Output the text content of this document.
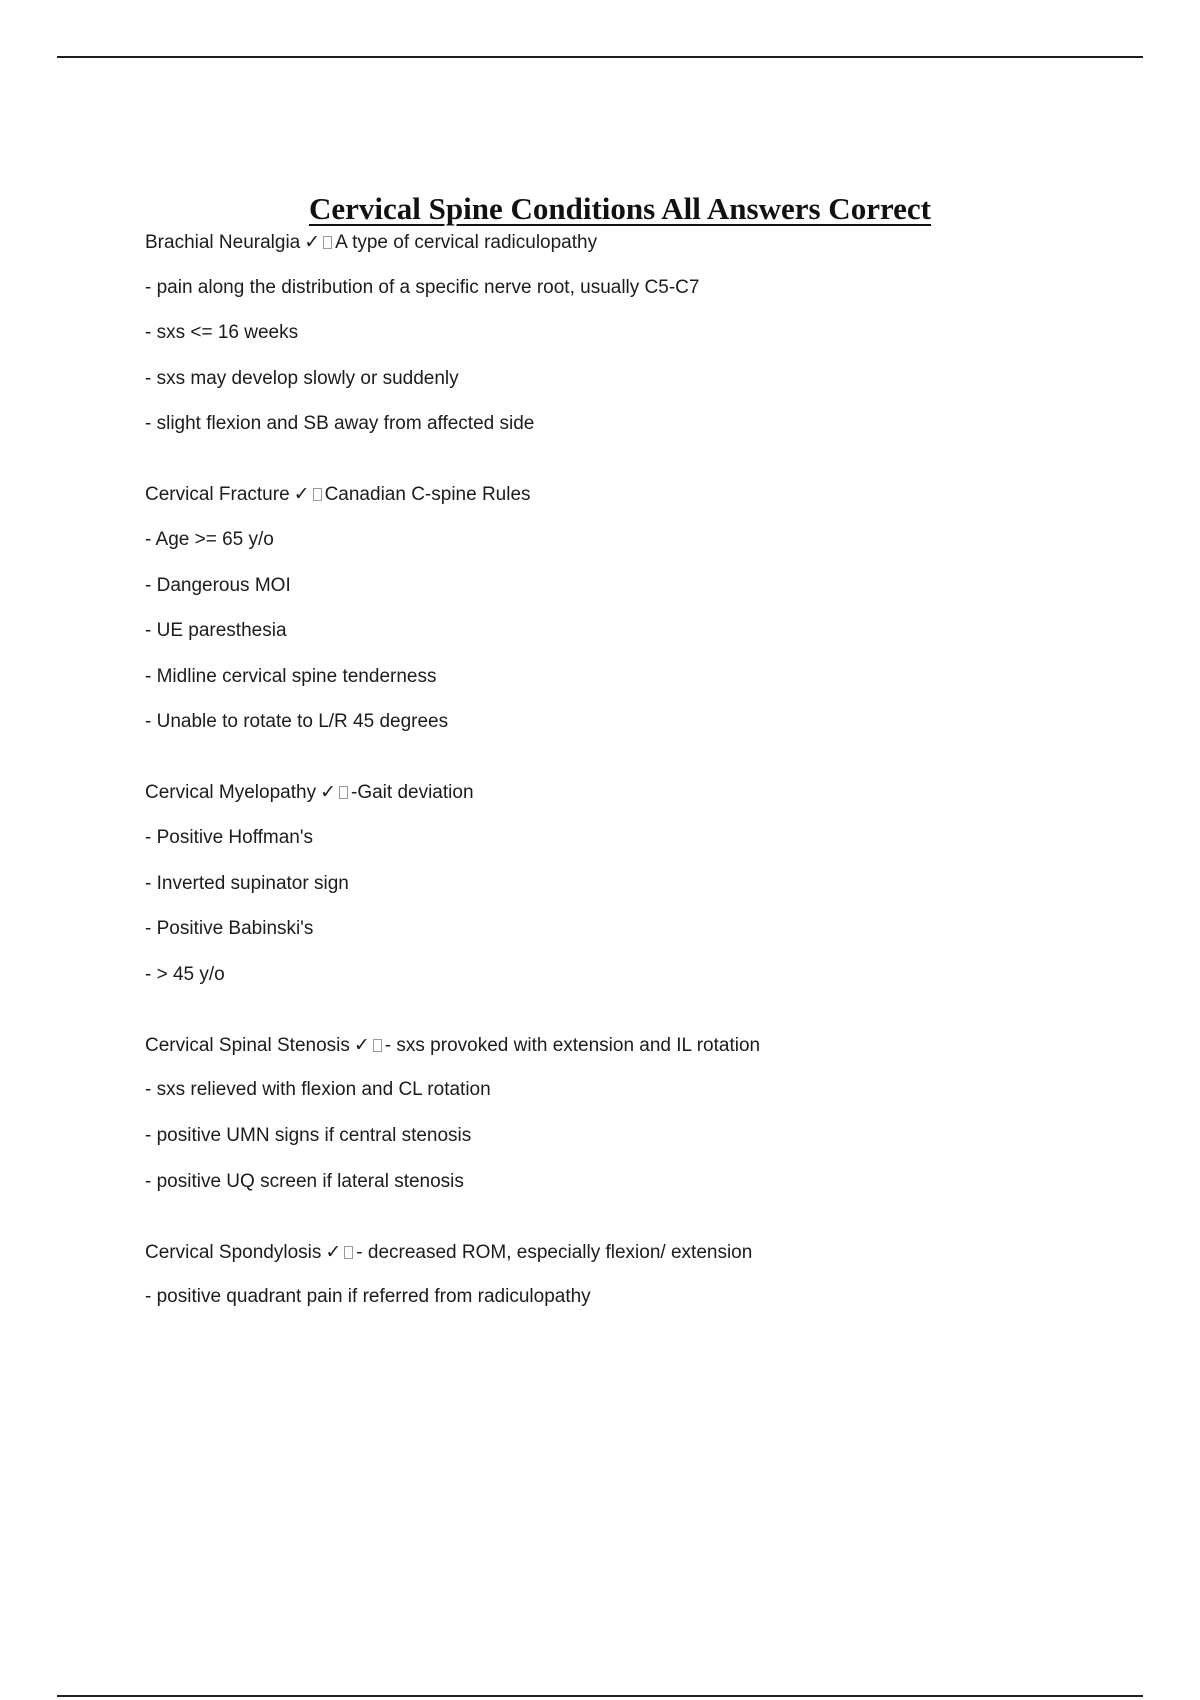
Cervical Spine Conditions All Answers Correct
Brachial Neuralgia ✓ A type of cervical radiculopathy
- pain along the distribution of a specific nerve root, usually C5-C7
- sxs <= 16 weeks
- sxs may develop slowly or suddenly
- slight flexion and SB away from affected side
Cervical Fracture ✓ Canadian C-spine Rules
- Age >= 65 y/o
- Dangerous MOI
- UE paresthesia
- Midline cervical spine tenderness
- Unable to rotate to L/R 45 degrees
Cervical Myelopathy ✓ -Gait deviation
- Positive Hoffman's
- Inverted supinator sign
- Positive Babinski's
- > 45 y/o
Cervical Spinal Stenosis ✓ - sxs provoked with extension and IL rotation
- sxs relieved with flexion and CL rotation
- positive UMN signs if central stenosis
- positive UQ screen if lateral stenosis
Cervical Spondylosis ✓ - decreased ROM, especially flexion/ extension
- positive quadrant pain if referred from radiculopathy
